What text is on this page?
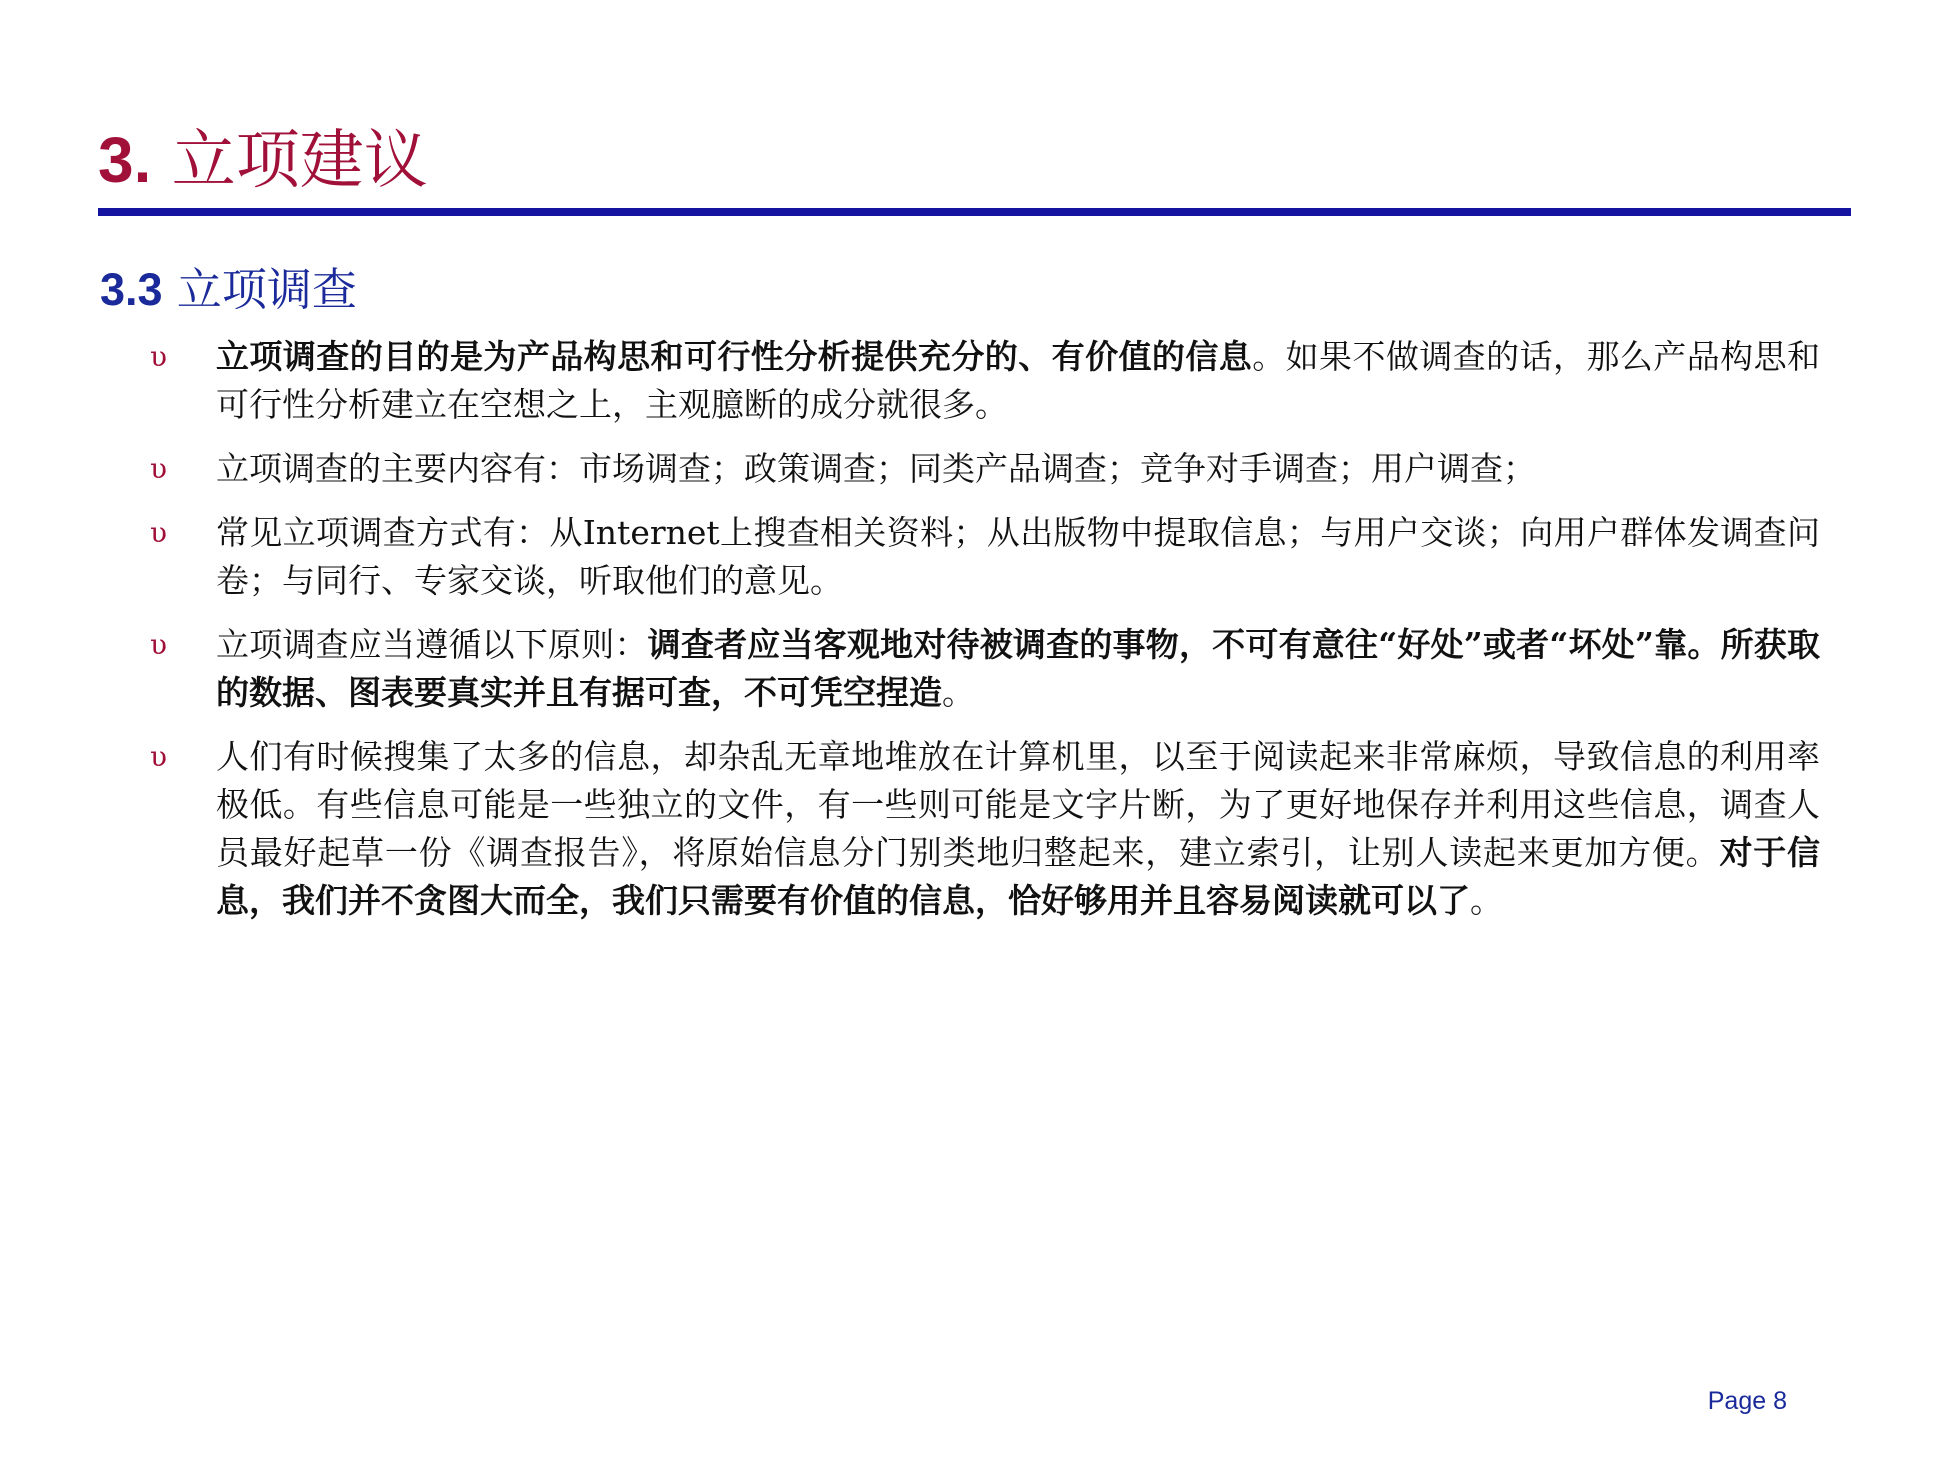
3. 立项建议
3.3 立项调查
υ 立项调查的目的是为产品构思和可行性分析提供充分的、有价值的信息。如果不做调查的话，那么产品构思和可行性分析建立在空想之上，主观臆断的成分就很多。
υ 立项调查的主要内容有：市场调查；政策调查；同类产品调查；竞争对手调查；用户调查；
υ 常见立项调查方式有：从Internet上搜查相关资料；从出版物中提取信息；与用户交谈；向用户群体发调查问卷；与同行、专家交谈，听取他们的意见。
υ 立项调查应当遵循以下原则：调查者应当客观地对待被调查的事物，不可有意往“好处”或者“坏处”靠。所获取的数据、图表要真实并且有据可查，不可凭空捏造。
υ 人们有时候搜集了太多的信息，却杂乱无章地堆放在计算机里，以至于阅读起来非常麻烦，导致信息的利用率极低。有些信息可能是一些独立的文件，有一些则可能是文字片断，为了更好地保存并利用这些信息，调查人员最好起草一份《调查报告》，将原始信息分门别类地归整起来，建立索引，让别人读起来更加方便。对于信息，我们并不贪图大而全，我们只需要有价值的信息，恰好够用并且容易阅读就可以了。
Page 8
